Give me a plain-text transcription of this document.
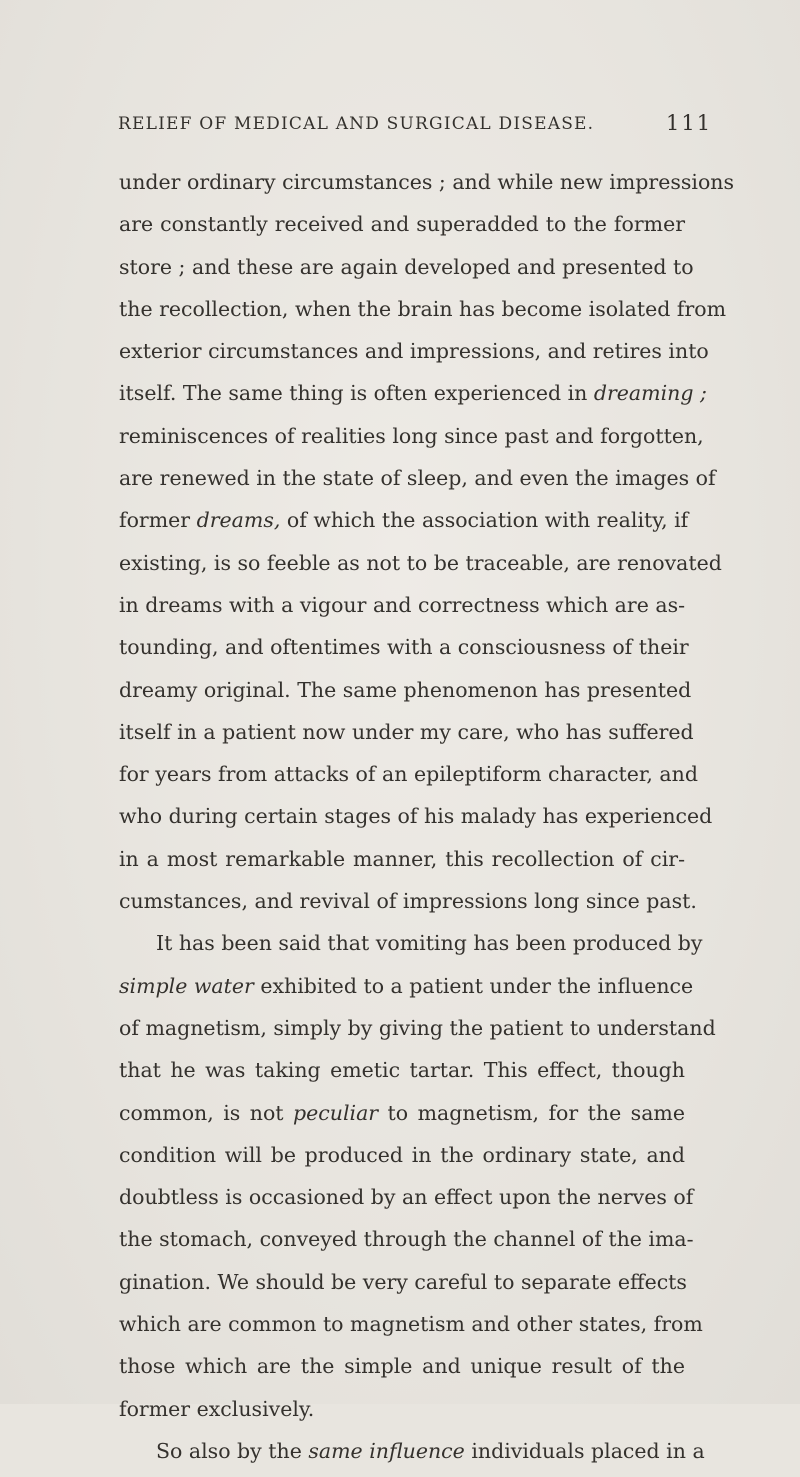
RELIEF OF MEDICAL AND SURGICAL DISEASE.	111
under ordinary circumstances ; and while new impressions
are constantly received and superadded to the former
store ; and these are again developed and presented to
the recollection, when the brain has become isolated from
exterior circumstances and impressions, and retires into
itself. The same thing is often experienced in dreaming ;
reminiscences of realities long since past and forgotten,
are renewed in the state of sleep, and even the images of
former dreams, of which the association with reality, if
existing, is so feeble as not to be traceable, are renovated
in dreams with a vigour and correctness which are as-
tounding, and oftentimes with a consciousness of their
dreamy original. The same phenomenon has presented
itself in a patient now under my care, who has suffered
for years from attacks of an epileptiform character, and
who during certain stages of his malady has experienced
in a most remarkable manner, this recollection of cir-
cumstances, and revival of impressions long since past.
It has been said that vomiting has been produced by
simple water exhibited to a patient under the influence
of magnetism, simply by giving the patient to understand
that he was taking emetic tartar. This effect, though
common, is not peculiar to magnetism, for the same
condition will be produced in the ordinary state, and
doubtless is occasioned by an effect upon the nerves of
the stomach, conveyed through the channel of the ima-
gination. We should be very careful to separate effects
which are common to magnetism and other states, from
those which are the simple and unique result of the
former exclusively.
So also by the same influence individuals placed in a
